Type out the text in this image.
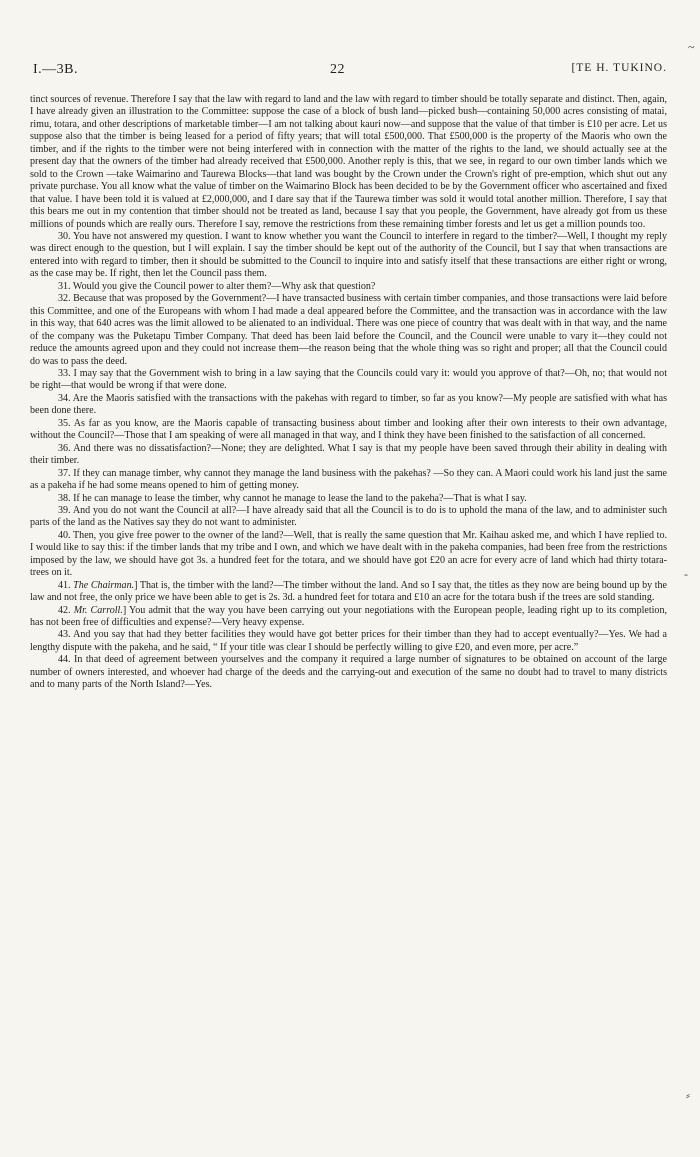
I.—3B.	22	[TE H. TUKINO.

tinct sources of revenue. Therefore I say that the law with regard to land and the law with regard to timber should be totally separate and distinct. Then, again, I have already given an illustration to the Committee: suppose the case of a block of bush land—picked bush—containing 50,000 acres consisting of matai, rimu, totara, and other descriptions of marketable timber—I am not talking about kauri now—and suppose that the value of that timber is £10 per acre. Let us suppose also that the timber is being leased for a period of fifty years; that will total £500,000. That £500,000 is the property of the Maoris who own the timber, and if the rights to the timber were not being interfered with in connection with the matter of the rights to the land, we should actually see at the present day that the owners of the timber had already received that £500,000. Another reply is this, that we see, in regard to our own timber lands which we sold to the Crown —take Waimarino and Taurewa Blocks—that land was bought by the Crown under the Crown's right of pre-emption, which shut out any private purchase. You all know what the value of timber on the Waimarino Block has been decided to be by the Government officer who ascertained and fixed that value. I have been told it is valued at £2,000,000, and I dare say that if the Taurewa timber was sold it would total another million. Therefore, I say that this bears me out in my contention that timber should not be treated as land, because I say that you people, the Government, have already got from us these millions of pounds which are really ours. Therefore I say, remove the restrictions from these remaining timber forests and let us get a million pounds too.

30. You have not answered my question. I want to know whether you want the Council to interfere in regard to the timber?—Well, I thought my reply was direct enough to the question, but I will explain. I say the timber should be kept out of the authority of the Council, but I say that when transactions are entered into with regard to timber, then it should be submitted to the Council to inquire into and satisfy itself that these transactions are either right or wrong, as the case may be. If right, then let the Council pass them.

31. Would you give the Council power to alter them?—Why ask that question?

32. Because that was proposed by the Government?—I have transacted business with certain timber companies, and those transactions were laid before this Committee, and one of the Europeans with whom I had made a deal appeared before the Committee, and the transaction was in accordance with the law in this way, that 640 acres was the limit allowed to be alienated to an individual. There was one piece of country that was dealt with in that way, and the name of the company was the Puketapu Timber Company. That deed has been laid before the Council, and the Council were unable to vary it—they could not reduce the amounts agreed upon and they could not increase them—the reason being that the whole thing was so right and proper; all that the Council could do was to pass the deed.

33. I may say that the Government wish to bring in a law saying that the Councils could vary it: would you approve of that?—Oh, no; that would not be right—that would be wrong if that were done.

34. Are the Maoris satisfied with the transactions with the pakehas with regard to timber, so far as you know?—My people are satisfied with what has been done there.

35. As far as you know, are the Maoris capable of transacting business about timber and looking after their own interests to their own advantage, without the Council?—Those that I am speaking of were all managed in that way, and I think they have been finished to the satisfaction of all concerned.

36. And there was no dissatisfaction?—None; they are delighted. What I say is that my people have been saved through their ability in dealing with their timber.

37. If they can manage timber, why cannot they manage the land business with the pakehas? —So they can. A Maori could work his land just the same as a pakeha if he had some means opened to him of getting money.

38. If he can manage to lease the timber, why cannot he manage to lease the land to the pakeha?—That is what I say.

39. And you do not want the Council at all?—I have already said that all the Council is to do is to uphold the mana of the law, and to administer such parts of the land as the Natives say they do not want to administer.

40. Then, you give free power to the owner of the land?—Well, that is really the same question that Mr. Kaihau asked me, and which I have replied to. I would like to say this: if the timber lands that my tribe and I own, and which we have dealt with in the pakeha companies, had been free from the restrictions imposed by the law, we should have got 3s. a hundred feet for the totara, and we should have got £20 an acre for every acre of land which had thirty totara-trees on it.

41. The Chairman.] That is, the timber with the land?—The timber without the land. And so I say that, the titles as they now are being bound up by the law and not free, the only price we have been able to get is 2s. 3d. a hundred feet for totara and £10 an acre for the totara bush if the trees are sold standing.

42. Mr. Carroll.] You admit that the way you have been carrying out your negotiations with the European people, leading right up to its completion, has not been free of difficulties and expense?—Very heavy expense.

43. And you say that had they better facilities they would have got better prices for their timber than they had to accept eventually?—Yes. We had a lengthy dispute with the pakeha, and he said, “ If your title was clear I should be perfectly willing to give £20, and even more, per acre.”

44. In that deed of agreement between yourselves and the company it required a large number of signatures to be obtained on account of the large number of owners interested, and whoever had charge of the deeds and the carrying-out and execution of the same no doubt had to travel to many districts and to many parts of the North Island?—Yes.

~
-
⸗
